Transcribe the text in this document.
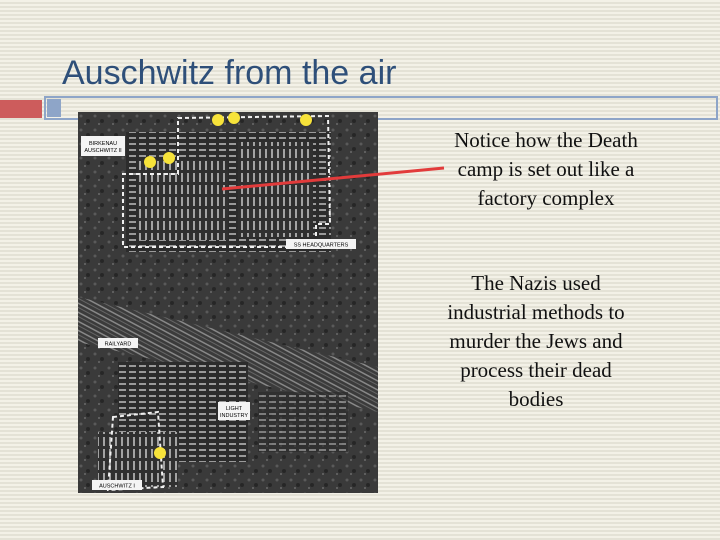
Auschwitz from the air
BIRKENAU
AUSCHWITZ II
SS HEADQUARTERS
RAILYARD
LIGHT
INDUSTRY
AUSCHWITZ I
Notice how the Death
camp is set out like a
factory complex
The Nazis used
industrial methods to
murder the Jews and
process their dead
bodies
